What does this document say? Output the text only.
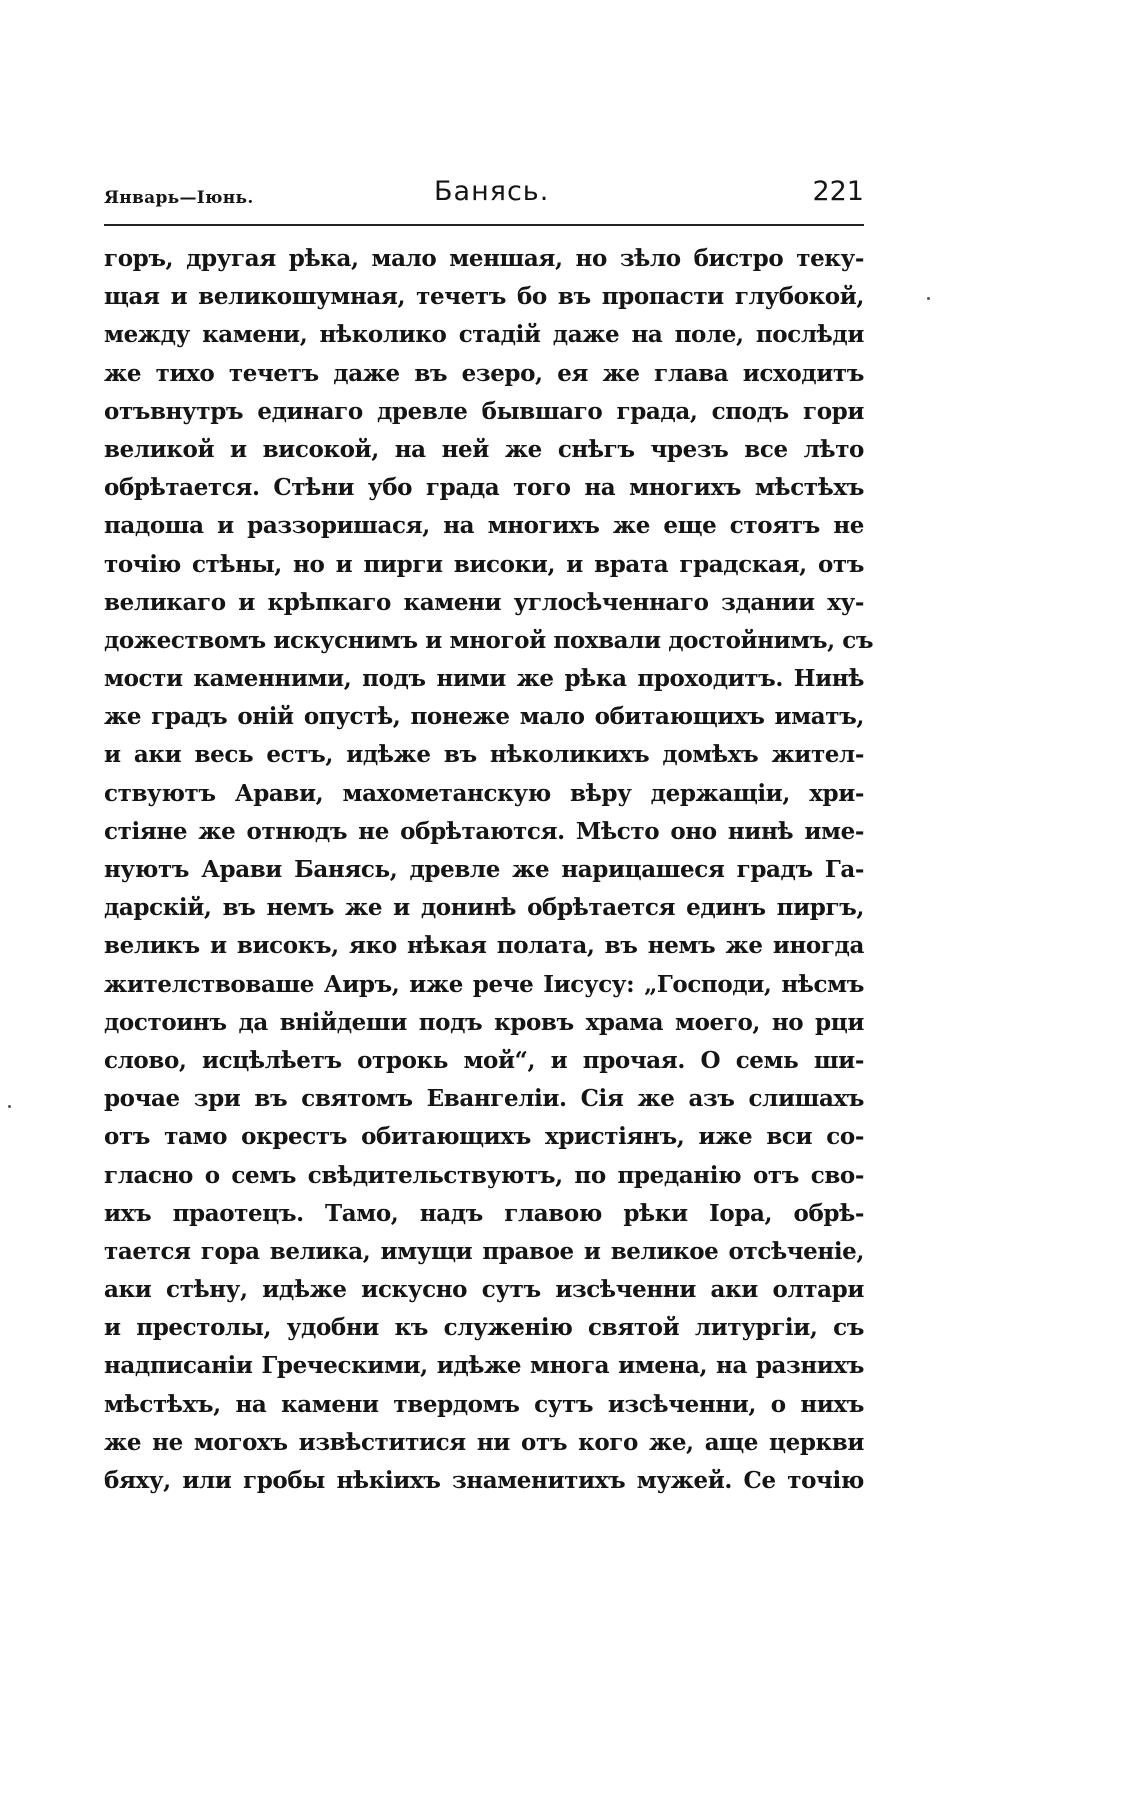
Январь—Іюнь.	Банясь.	221
горъ, другая рѣка, мало меншая, но зѣло бистро теку-
щая и великошумная, течетъ бо въ пропасти глубокой,
между камени, нѣколико стадій даже на поле, послѣди
же тихо течетъ даже въ езеро, ея же глава исходитъ
отъвнутръ единаго древле бывшаго града, сподъ гори
великой и високой, на ней же снѣгъ чрезъ все лѣто
обрѣтается. Стѣни убо града того на многихъ мѣстѣхъ
падоша и раззоришася, на многихъ же еще стоятъ не
точію стѣны, но и пирги високи, и врата градская, отъ
великаго и крѣпкаго камени углосѣченнаго здании ху-
дожествомъ искуснимъ и многой похвали достойнимъ, съ
мости каменними, подъ ними же рѣка проходитъ. Нинѣ
же градъ оній опустѣ, понеже мало обитающихъ иматъ,
и аки весь естъ, идѣже въ нѣколикихъ домѣхъ жител-
ствуютъ Арави, махометанскую вѣру держащіи, хри-
стіяне же отнюдъ не обрѣтаются. Мѣсто оно нинѣ име-
нуютъ Арави Банясь, древле же нарицашеся градъ Га-
дарскій, въ немъ же и донинѣ обрѣтается единъ пиргъ,
великъ и високъ, яко нѣкая полата, въ немъ же иногда
жителствоваше Аиръ, иже рече Іисусу: „Господи, нѣсмъ
достоинъ да внійдеши подъ кровъ храма моего, но рци
слово, исцѣлѣетъ отрокь мой“, и прочая. О семь ши-
рочае зри въ святомъ Евангеліи. Сія же азъ слишахъ
отъ тамо окрестъ обитающихъ христіянъ, иже вси со-
гласно о семъ свѣдительствуютъ, по преданію отъ сво-
ихъ праотецъ. Тамо, надъ главою рѣки Іора, обрѣ-
тается гора велика, имущи правое и великое отсѣченіе,
аки стѣну, идѣже искусно сутъ изсѣченни аки олтари
и престолы, удобни къ служенію святой литургіи, съ
надписаніи Греческими, идѣже многа имена, на разнихъ
мѣстѣхъ, на камени твердомъ сутъ изсѣченни, о нихъ
же не могохъ извѣститися ни отъ кого же, аще церкви
бяху, или гробы нѣкіихъ знаменитихъ мужей. Се точію
